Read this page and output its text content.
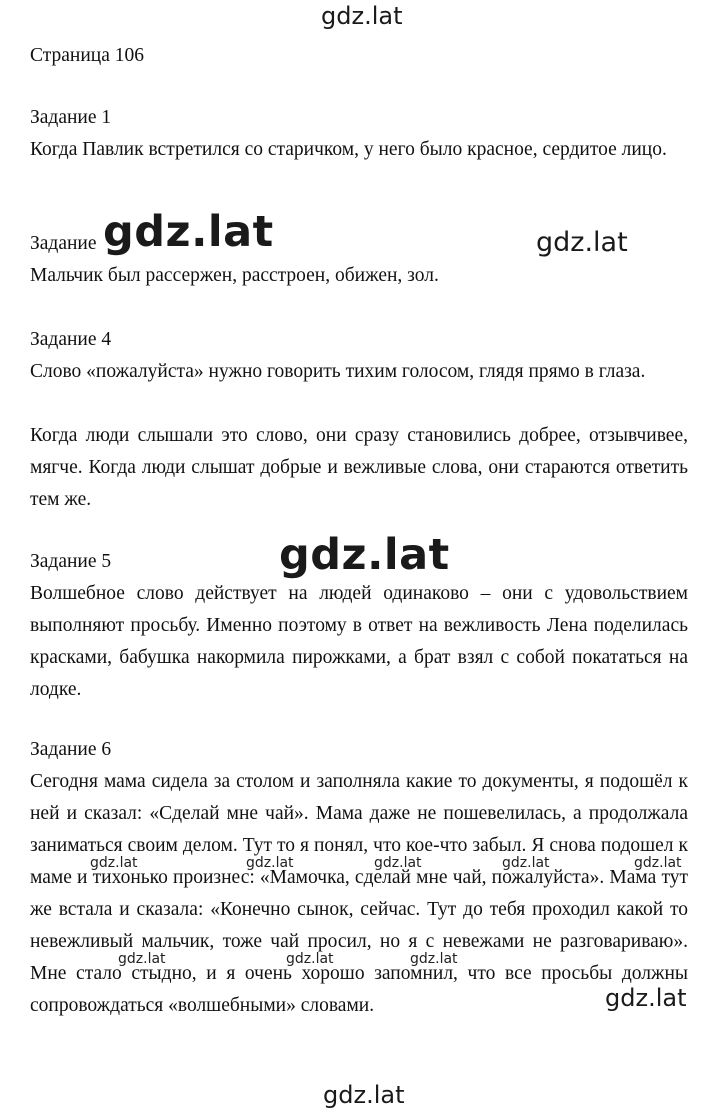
gdz.lat
gdz.lat	gdz.lat
gdz.lat
Страница 106
Задание 1
Когда Павлик встретился со старичком, у него было красное, сердитое лицо.
Задание
Мальчик был рассержен, расстроен, обижен, зол.
Задание 4
Слово «пожалуйста» нужно говорить тихим голосом, глядя прямо в глаза.
Когда люди слышали это слово, они сразу становились добрее, отзывчивее, мягче. Когда люди слышат добрые и вежливые слова, они стараются ответить тем же.
Задание 5
Волшебное слово действует на людей одинаково – они с удовольствием выполняют просьбу. Именно поэтому в ответ на вежливость Лена поделилась красками, бабушка накормила пирожками, а брат взял с собой покататься на лодке.
Задание 6
Сегодня мама сидела за столом и заполняла какие то документы, я подошёл к ней и сказал: «Сделай мне чай». Мама даже не пошевелилась, а продолжала заниматься своим делом. Тут то я понял, что кое-что забыл. Я снова подошел к маме и тихонько произнес: «Мамочка, сделай мне чай, пожалуйста». Мама тут же встала и сказала: «Конечно сынок, сейчас. Тут до тебя проходил какой то невежливый мальчик, тоже чай просил, но я с невежами не разговариваю». Мне стало стыдно, и я очень хорошо запомнил, что все просьбы должны сопровождаться «волшебными» словами.
gdz.lat	gdz.lat	gdz.lat	gdz.lat	gdz.lat
gdz.lat	gdz.lat	gdz.lat
gdz.lat
gdz.lat
